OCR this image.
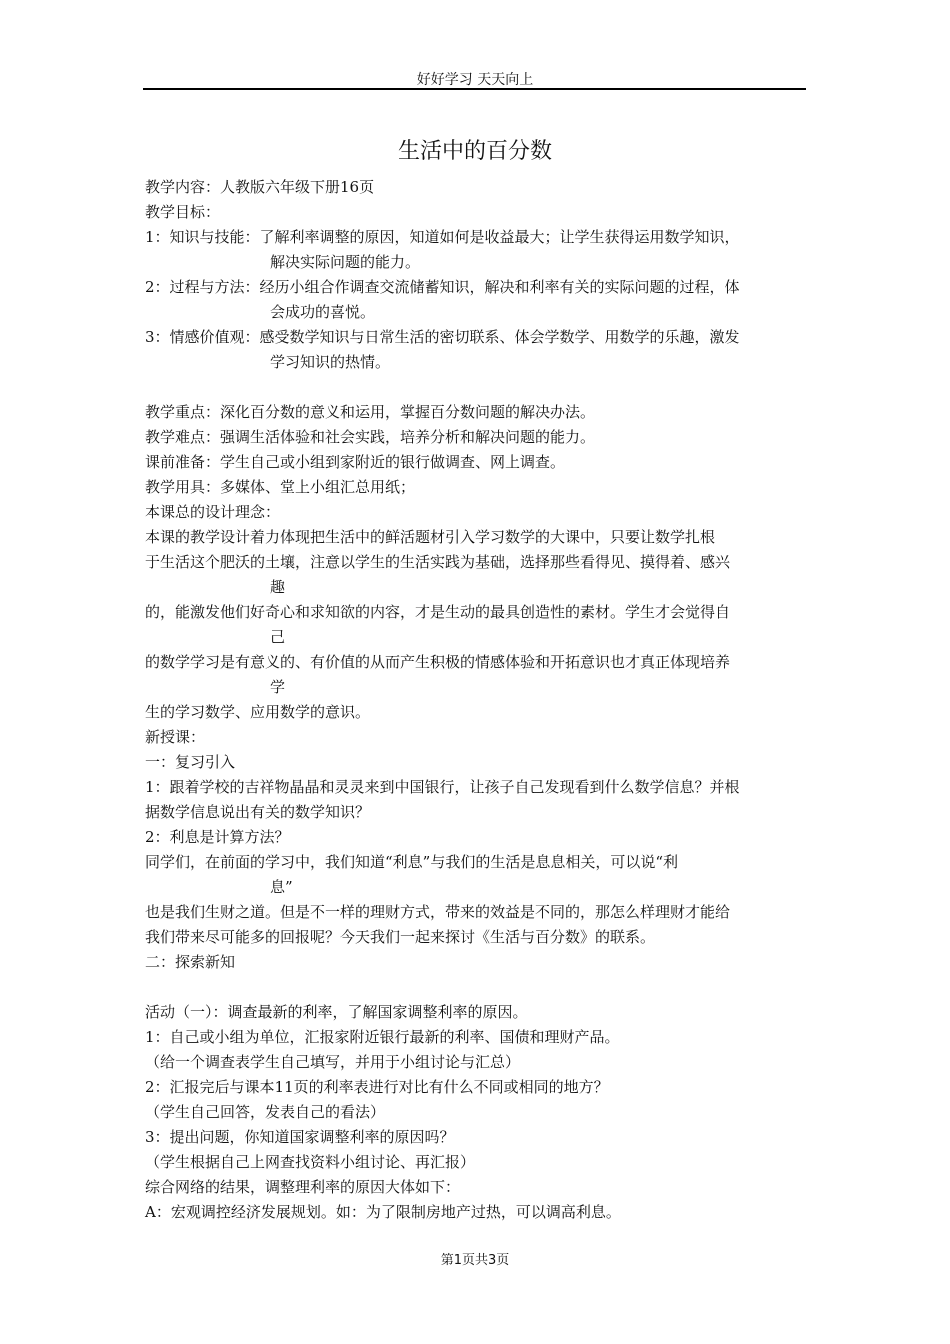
好好学习 天天向上
生活中的百分数
教学内容：人教版六年级下册16页
教学目标：
1：知识与技能：了解利率调整的原因，知道如何是收益最大；让学生获得运用数学知识，
解决实际问题的能力。
2：过程与方法：经历小组合作调查交流储蓄知识，解决和利率有关的实际问题的过程，体
会成功的喜悦。
3：情感价值观：感受数学知识与日常生活的密切联系、体会学数学、用数学的乐趣，激发
学习知识的热情。
教学重点：深化百分数的意义和运用，掌握百分数问题的解决办法。
教学难点：强调生活体验和社会实践，培养分析和解决问题的能力。
课前准备：学生自己或小组到家附近的银行做调查、网上调查。
教学用具：多媒体、堂上小组汇总用纸；
本课总的设计理念：
本课的教学设计着力体现把生活中的鲜活题材引入学习数学的大课中，只要让数学扎根
于生活这个肥沃的土壤，注意以学生的生活实践为基础，选择那些看得见、摸得着、感兴
趣
的，能激发他们好奇心和求知欲的内容，才是生动的最具创造性的素材。学生才会觉得自
己
的数学学习是有意义的、有价值的从而产生积极的情感体验和开拓意识也才真正体现培养
学
生的学习数学、应用数学的意识。
新授课：
一：复习引入
1：跟着学校的吉祥物晶晶和灵灵来到中国银行，让孩子自己发现看到什么数学信息？并根
据数学信息说出有关的数学知识？
2：利息是计算方法？
同学们，在前面的学习中，我们知道“利息”与我们的生活是息息相关，可以说“利
息”
也是我们生财之道。但是不一样的理财方式，带来的效益是不同的，那怎么样理财才能给
我们带来尽可能多的回报呢？今天我们一起来探讨《生活与百分数》的联系。
二：探索新知
活动（一）：调查最新的利率，了解国家调整利率的原因。
1：自己或小组为单位，汇报家附近银行最新的利率、国债和理财产品。
（给一个调查表学生自己填写，并用于小组讨论与汇总）
2：汇报完后与课本11页的利率表进行对比有什么不同或相同的地方？
（学生自己回答，发表自己的看法）
3：提出问题，你知道国家调整利率的原因吗？
（学生根据自己上网查找资料小组讨论、再汇报）
综合网络的结果，调整理利率的原因大体如下：
A：宏观调控经济发展规划。如：为了限制房地产过热，可以调高利息。
第1页共3页
